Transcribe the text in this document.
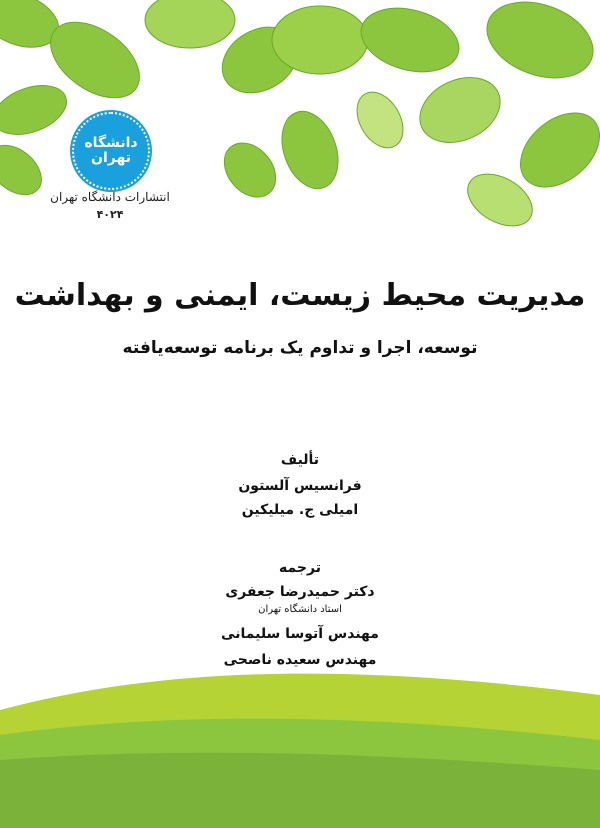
دانشگاه تهران
انتشارات دانشگاه تهران
۴۰۲۴
مدیریت محیط زیست، ایمنی و بهداشت
توسعه، اجرا و تداوم یک برنامه توسعه‌یافته
تألیف
فرانسیس آلستون
امیلی ج. میلیکین
ترجمه
دکتر حمیدرضا جعفری
استاد دانشگاه تهران
مهندس آتوسا سلیمانی
مهندس سعیده ناصحی
